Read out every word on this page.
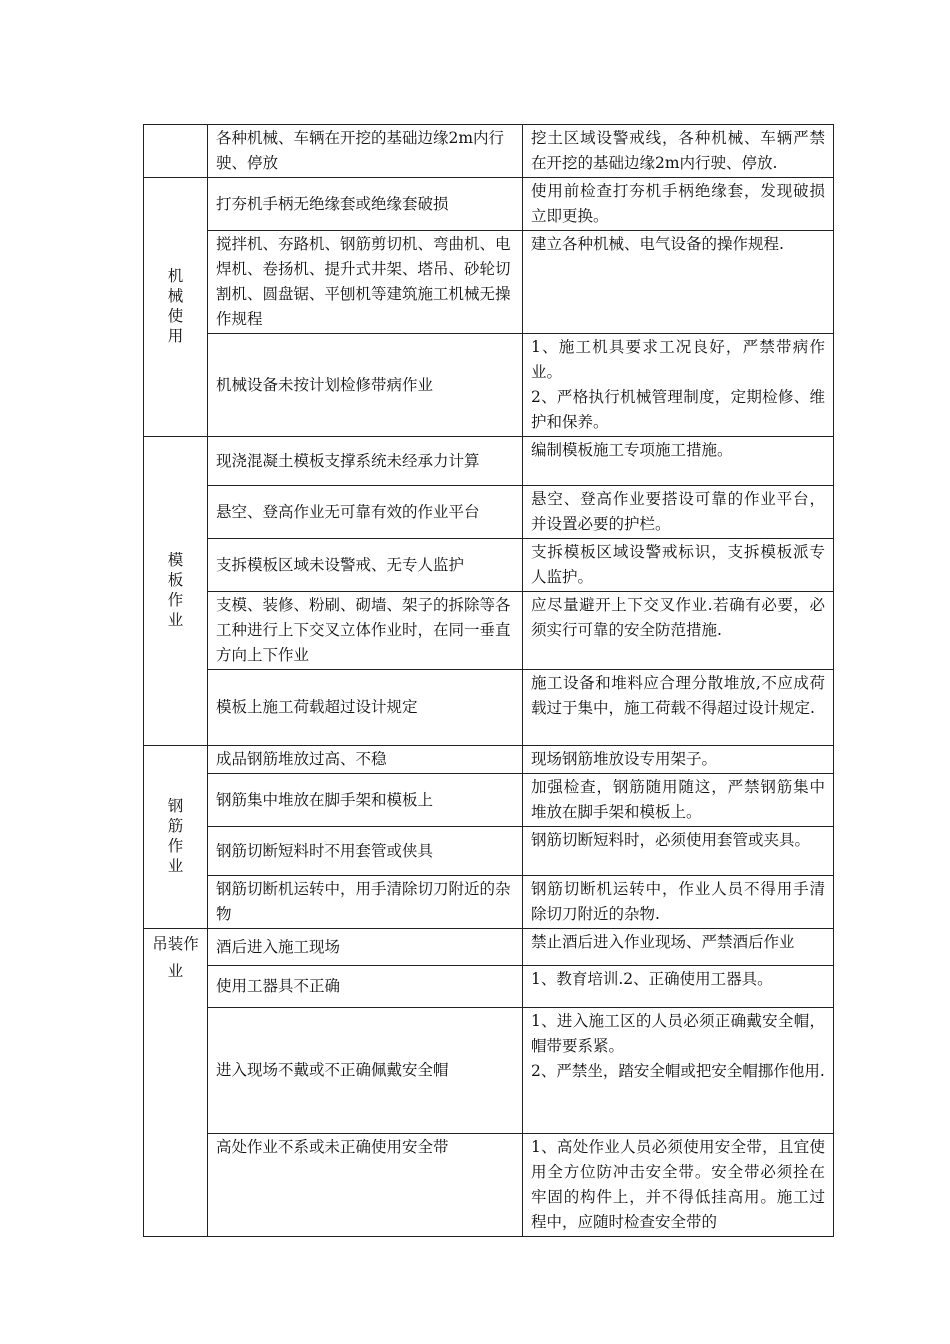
	各种机械、车辆在开挖的基础边缘2m内行驶、停放	挖土区域设警戒线，各种机械、车辆严禁在开挖的基础边缘2m内行驶、停放.

机械使用	打夯机手柄无绝缘套或绝缘套破损	使用前检查打夯机手柄绝缘套，发现破损立即更换。

	搅拌机、夯路机、钢筋剪切机、弯曲机、电焊机、卷扬机、提升式井架、塔吊、砂轮切割机、圆盘锯、平刨机等建筑施工机械无操作规程	建立各种机械、电气设备的操作规程.

	机械设备未按计划检修带病作业	1、施工机具要求工况良好，严禁带病作业。
2、严格执行机械管理制度，定期检修、维护和保养。

模板作业	现浇混凝土模板支撑系统未经承力计算	编制模板施工专项施工措施。

	悬空、登高作业无可靠有效的作业平台	悬空、登高作业要搭设可靠的作业平台，并设置必要的护栏。

	支拆模板区域未设警戒、无专人监护	支拆模板区域设警戒标识，支拆模板派专人监护。

	支模、装修、粉刷、砌墙、架子的拆除等各工种进行上下交叉立体作业时，在同一垂直方向上下作业	应尽量避开上下交叉作业.若确有必要，必须实行可靠的安全防范措施.

	模板上施工荷载超过设计规定	施工设备和堆料应合理分散堆放,不应成荷载过于集中，施工荷载不得超过设计规定.

钢筋作业	成品钢筋堆放过高、不稳	现场钢筋堆放设专用架子。

	钢筋集中堆放在脚手架和模板上	加强检查，钢筋随用随这，严禁钢筋集中堆放在脚手架和模板上。

	钢筋切断短料时不用套管或侠具	钢筋切断短料时，必须使用套管或夹具。

	钢筋切断机运转中，用手清除切刀附近的杂物	钢筋切断机运转中，作业人员不得用手清除切刀附近的杂物.

吊装作业	酒后进入施工现场	禁止酒后进入作业现场、严禁酒后作业

	使用工器具不正确	1、教育培训.2、正确使用工器具。

	进入现场不戴或不正确佩戴安全帽	1、进入施工区的人员必须正确戴安全帽，帽带要系紧。
2、严禁坐，踏安全帽或把安全帽挪作他用.

	高处作业不系或未正确使用安全带	1、高处作业人员必须使用安全带，且宜使用全方位防冲击安全带。安全带必须拴在牢固的构件上，并不得低挂高用。施工过程中，应随时检查安全带的
